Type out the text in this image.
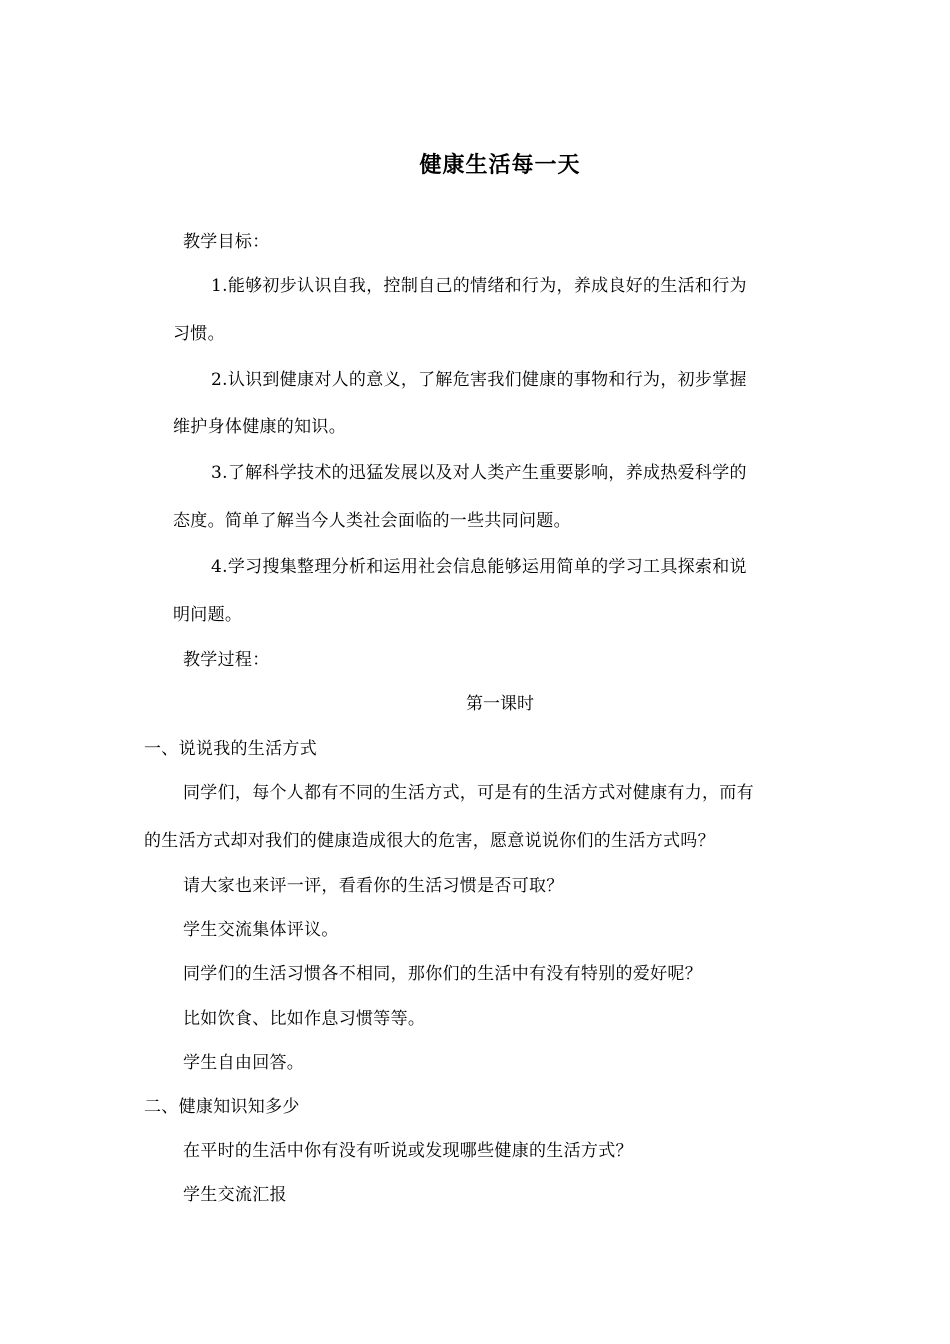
健康生活每一天
教学目标：
1.能够初步认识自我，控制自己的情绪和行为，养成良好的生活和行为
习惯。
2.认识到健康对人的意义，了解危害我们健康的事物和行为，初步掌握
维护身体健康的知识。
3.了解科学技术的迅猛发展以及对人类产生重要影响，养成热爱科学的
态度。简单了解当今人类社会面临的一些共同问题。
4.学习搜集整理分析和运用社会信息能够运用简单的学习工具探索和说
明问题。
教学过程：
第一课时
一、说说我的生活方式
同学们，每个人都有不同的生活方式，可是有的生活方式对健康有力，而有
的生活方式却对我们的健康造成很大的危害，愿意说说你们的生活方式吗？
请大家也来评一评，看看你的生活习惯是否可取？
学生交流集体评议。
同学们的生活习惯各不相同，那你们的生活中有没有特别的爱好呢？
比如饮食、比如作息习惯等等。
学生自由回答。
二、健康知识知多少
在平时的生活中你有没有听说或发现哪些健康的生活方式？
学生交流汇报
